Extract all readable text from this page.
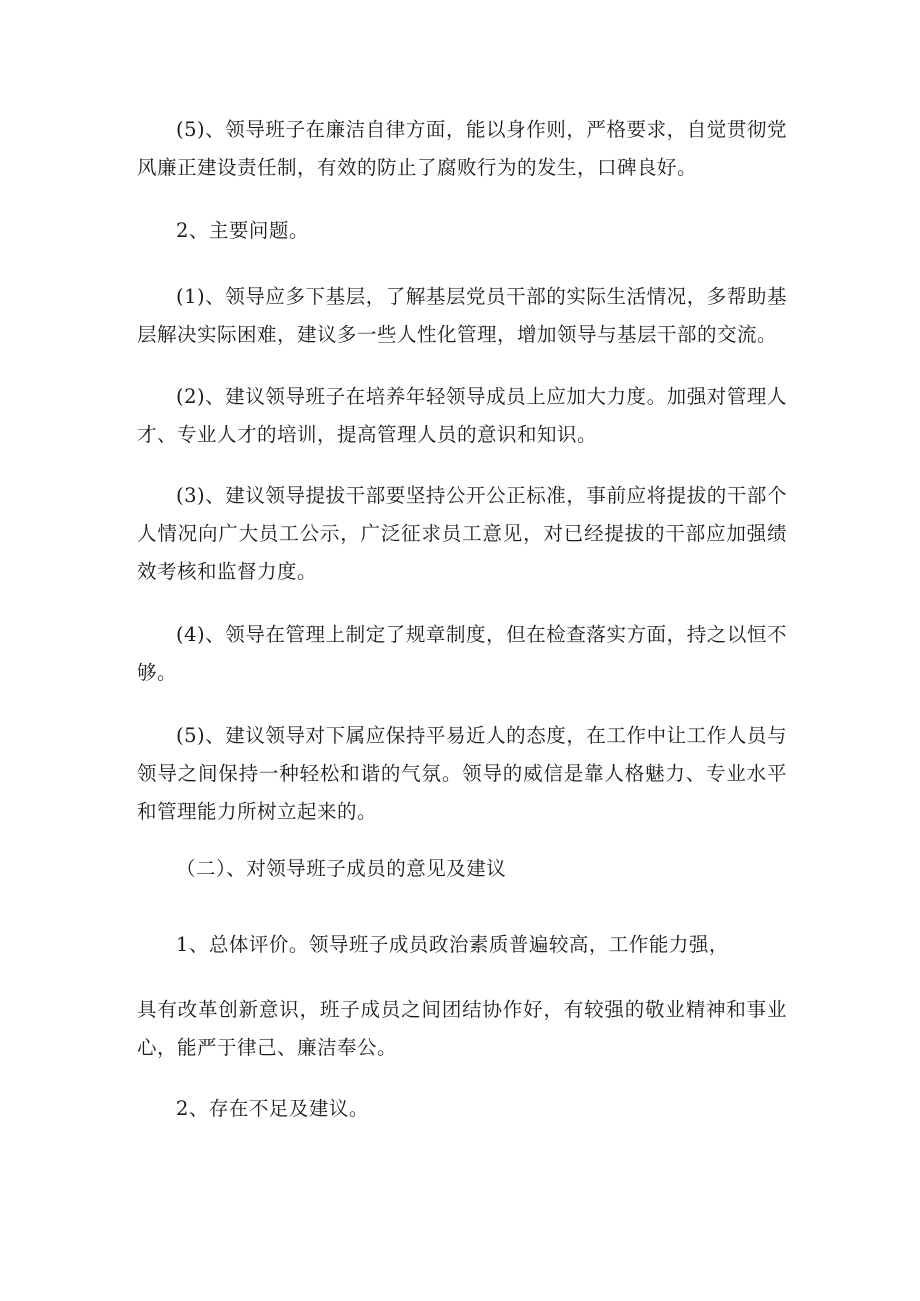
(5)、领导班子在廉洁自律方面，能以身作则，严格要求，自觉贯彻党风廉正建设责任制，有效的防止了腐败行为的发生，口碑良好。

2、主要问题。

(1)、领导应多下基层，了解基层党员干部的实际生活情况，多帮助基层解决实际困难，建议多一些人性化管理，增加领导与基层干部的交流。

(2)、建议领导班子在培养年轻领导成员上应加大力度。加强对管理人才、专业人才的培训，提高管理人员的意识和知识。

(3)、建议领导提拔干部要坚持公开公正标准，事前应将提拔的干部个人情况向广大员工公示，广泛征求员工意见，对已经提拔的干部应加强绩效考核和监督力度。

(4)、领导在管理上制定了规章制度，但在检查落实方面，持之以恒不够。

(5)、建议领导对下属应保持平易近人的态度，在工作中让工作人员与领导之间保持一种轻松和谐的气氛。领导的威信是靠人格魅力、专业水平和管理能力所树立起来的。

（二）、对领导班子成员的意见及建议

1、总体评价。领导班子成员政治素质普遍较高，工作能力强，

具有改革创新意识，班子成员之间团结协作好，有较强的敬业精神和事业心，能严于律己、廉洁奉公。

2、存在不足及建议。
